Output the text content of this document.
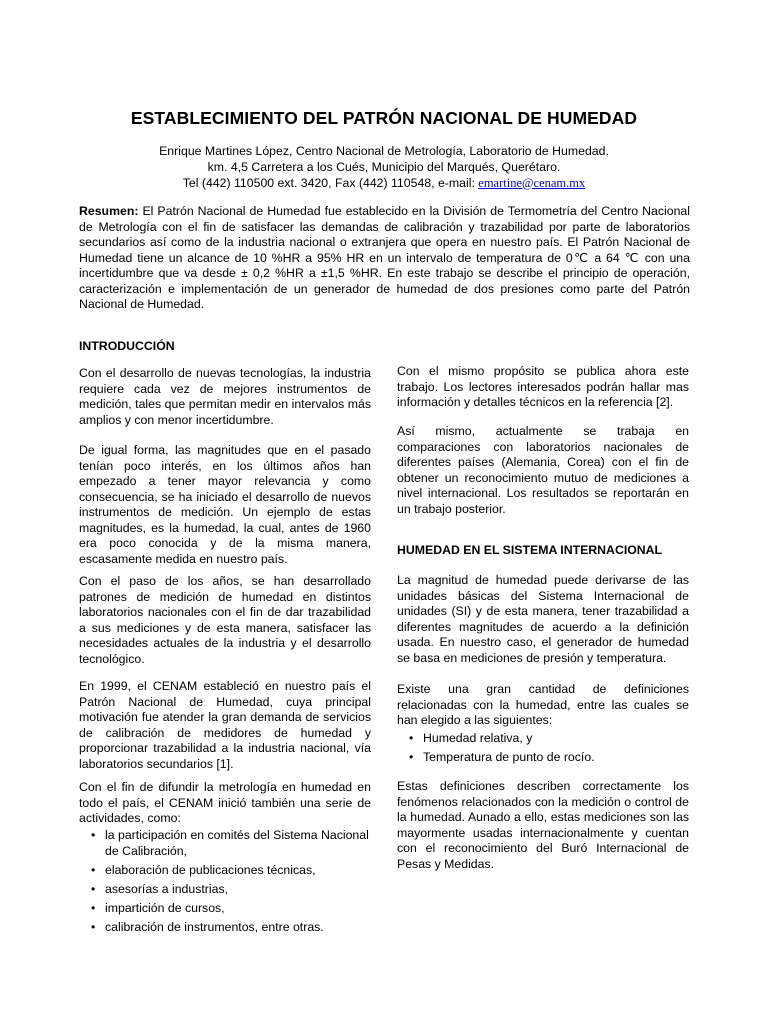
ESTABLECIMIENTO DEL PATRÓN NACIONAL DE HUMEDAD
Enrique Martines López, Centro Nacional de Metrología, Laboratorio de Humedad.
km. 4,5 Carretera a los Cués, Municipio del Marqués, Querétaro.
Tel (442) 110500 ext. 3420, Fax (442) 110548, e-mail: emartine@cenam.mx
Resumen: El Patrón Nacional de Humedad fue establecido en la División de Termometría del Centro Nacional de Metrología con el fin de satisfacer las demandas de calibración y trazabilidad por parte de laboratorios secundarios así como de la industria nacional o extranjera que opera en nuestro país. El Patrón Nacional de Humedad tiene un alcance de 10 %HR a 95% HR en un intervalo de temperatura de 0℃ a 64 ℃ con una incertidumbre que va desde ± 0,2 %HR a ±1,5 %HR. En este trabajo se describe el principio de operación, caracterización e implementación de un generador de humedad de dos presiones como parte del Patrón Nacional de Humedad.
INTRODUCCIÓN

Con el desarrollo de nuevas tecnologías, la industria requiere cada vez de mejores instrumentos de medición, tales que permitan medir en intervalos más amplios y con menor incertidumbre.

De igual forma, las magnitudes que en el pasado tenían poco interés, en los últimos años han empezado a tener mayor relevancia y como consecuencia, se ha iniciado el desarrollo de nuevos instrumentos de medición. Un ejemplo de estas magnitudes, es la humedad, la cual, antes de 1960 era poco conocida y de la misma manera, escasamente medida en nuestro país.

Con el paso de los años, se han desarrollado patrones de medición de humedad en distintos laboratorios nacionales con el fin de dar trazabilidad a sus mediciones y de esta manera, satisfacer las necesidades actuales de la industria y el desarrollo tecnológico.

En 1999, el CENAM estableció en nuestro país el Patrón Nacional de Humedad, cuya principal motivación fue atender la gran demanda de servicios de calibración de medidores de humedad y proporcionar trazabilidad a la industria nacional, vía laboratorios secundarios [1].

Con el fin de difundir la metrología en humedad en todo el país, el CENAM inició también una serie de actividades, como:

• la participación en comités del Sistema Nacional de Calibración,
• elaboración de publicaciones técnicas,
• asesorías a industrias,
• impartición de cursos,
• calibración de instrumentos, entre otras.

Con el mismo propósito se publica ahora este trabajo. Los lectores interesados podrán hallar mas información y detalles técnicos en la referencia [2].

Así mismo, actualmente se trabaja en comparaciones con laboratorios nacionales de diferentes países (Alemania, Corea) con el fin de obtener un reconocimiento mutuo de mediciones a nivel internacional. Los resultados se reportarán en un trabajo posterior.

HUMEDAD EN EL SISTEMA INTERNACIONAL

La magnitud de humedad puede derivarse de las unidades básicas del Sistema Internacional de unidades (SI) y de esta manera, tener trazabilidad a diferentes magnitudes de acuerdo a la definición usada. En nuestro caso, el generador de humedad se basa en mediciones de presión y temperatura.

Existe una gran cantidad de definiciones relacionadas con la humedad, entre las cuales se han elegido a las siguientes:

• Humedad relativa, y
• Temperatura de punto de rocío.

Estas definiciones describen correctamente los fenómenos relacionados con la medición o control de la humedad. Aunado a ello, estas mediciones son las mayormente usadas internacionalmente y cuentan con el reconocimiento del Buró Internacional de Pesas y Medidas.
